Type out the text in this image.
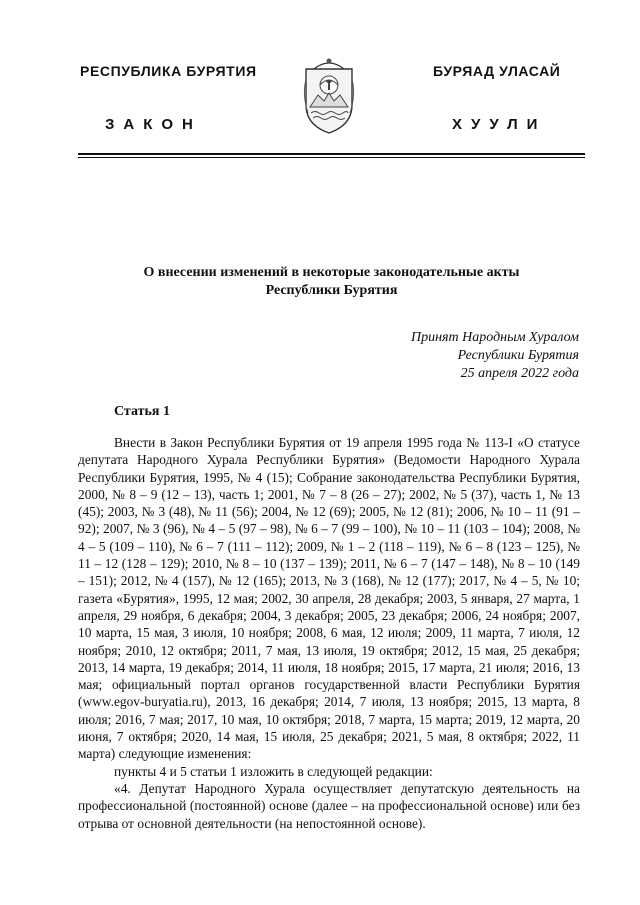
РЕСПУБЛИКА БУРЯТИЯ	БУРЯАД УЛАСАЙ
ЗАКОН	ХУУЛИ
О внесении изменений в некоторые законодательные акты
Республики Бурятия
Принят Народным Хуралом
Республики Бурятия
25 апреля 2022 года
Статья 1

Внести в Закон Республики Бурятия от 19 апреля 1995 года № 113-I «О статусе депутата Народного Хурала Республики Бурятия» (Ведомости Народного Хурала Республики Бурятия, 1995, № 4 (15); Собрание законодательства Республики Бурятия, 2000, № 8 – 9 (12 – 13), часть 1; 2001, № 7 – 8 (26 – 27); 2002, № 5 (37), часть 1, № 13 (45); 2003, № 3 (48), № 11 (56); 2004, № 12 (69); 2005, № 12 (81); 2006, № 10 – 11 (91 – 92); 2007, № 3 (96), № 4 – 5 (97 – 98), № 6 – 7 (99 – 100), № 10 – 11 (103 – 104); 2008, № 4 – 5 (109 – 110), № 6 – 7 (111 – 112); 2009, № 1 – 2 (118 – 119), № 6 – 8 (123 – 125), № 11 – 12 (128 – 129); 2010, № 8 – 10 (137 – 139); 2011, № 6 – 7 (147 – 148), № 8 – 10 (149 – 151); 2012, № 4 (157), № 12 (165); 2013, № 3 (168), № 12 (177); 2017, № 4 – 5, № 10; газета «Бурятия», 1995, 12 мая; 2002, 30 апреля, 28 декабря; 2003, 5 января, 27 марта, 1 апреля, 29 ноября, 6 декабря; 2004, 3 декабря; 2005, 23 декабря; 2006, 24 ноября; 2007, 10 марта, 15 мая, 3 июля, 10 ноября; 2008, 6 мая, 12 июля; 2009, 11 марта, 7 июля, 12 ноября; 2010, 12 октября; 2011, 7 мая, 13 июля, 19 октября; 2012, 15 мая, 25 декабря; 2013, 14 марта, 19 декабря; 2014, 11 июля, 18 ноября; 2015, 17 марта, 21 июля; 2016, 13 мая; официальный портал органов государственной власти Республики Бурятия (www.egov-buryatia.ru), 2013, 16 декабря; 2014, 7 июля, 13 ноября; 2015, 13 марта, 8 июля; 2016, 7 мая; 2017, 10 мая, 10 октября; 2018, 7 марта, 15 марта; 2019, 12 марта, 20 июня, 7 октября; 2020, 14 мая, 15 июля, 25 декабря; 2021, 5 мая, 8 октября; 2022, 11 марта) следующие изменения:

пункты 4 и 5 статьи 1 изложить в следующей редакции:

«4. Депутат Народного Хурала осуществляет депутатскую деятельность на профессиональной (постоянной) основе (далее – на профессиональной основе) или без отрыва от основной деятельности (на непостоянной основе).
